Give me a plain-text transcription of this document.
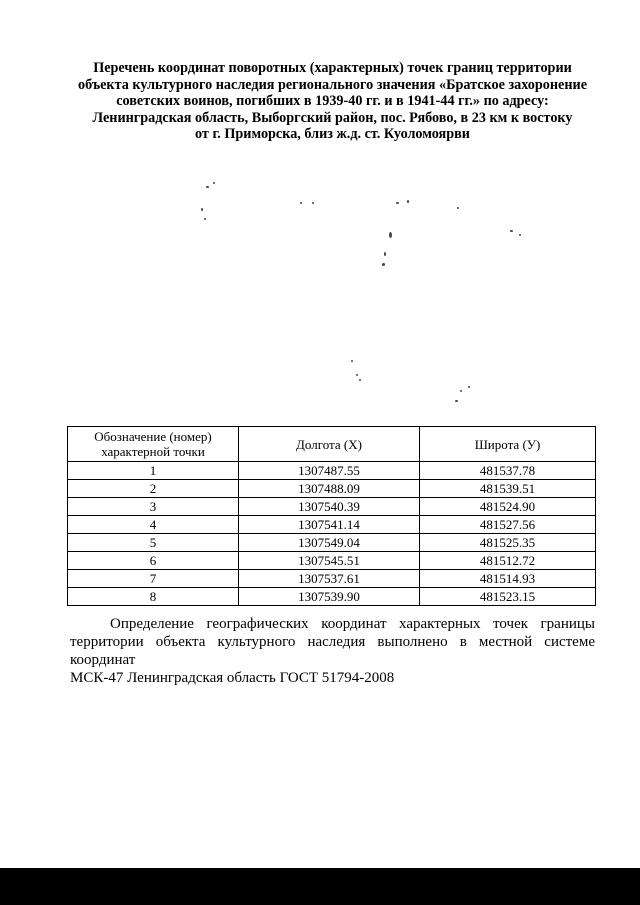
Перечень координат поворотных (характерных) точек границ территории
объекта культурного наследия регионального значения «Братское захоронение
советских воинов, погибших в 1939-40 гг. и в 1941-44 гг.» по адресу:
Ленинградская область, Выборгский район, пос. Рябово, в 23 км к востоку
от г. Приморска, близ ж.д. ст. Куоломоярви
Обозначение (номер) характерной точки	Долгота (X)	Широта (У)
1	1307487.55	481537.78
2	1307488.09	481539.51
3	1307540.39	481524.90
4	1307541.14	481527.56
5	1307549.04	481525.35
6	1307545.51	481512.72
7	1307537.61	481514.93
8	1307539.90	481523.15
Определение географических координат характерных точек границы
территории объекта культурного наследия выполнено в местной системе координат
МСК-47 Ленинградская область ГОСТ 51794-2008
